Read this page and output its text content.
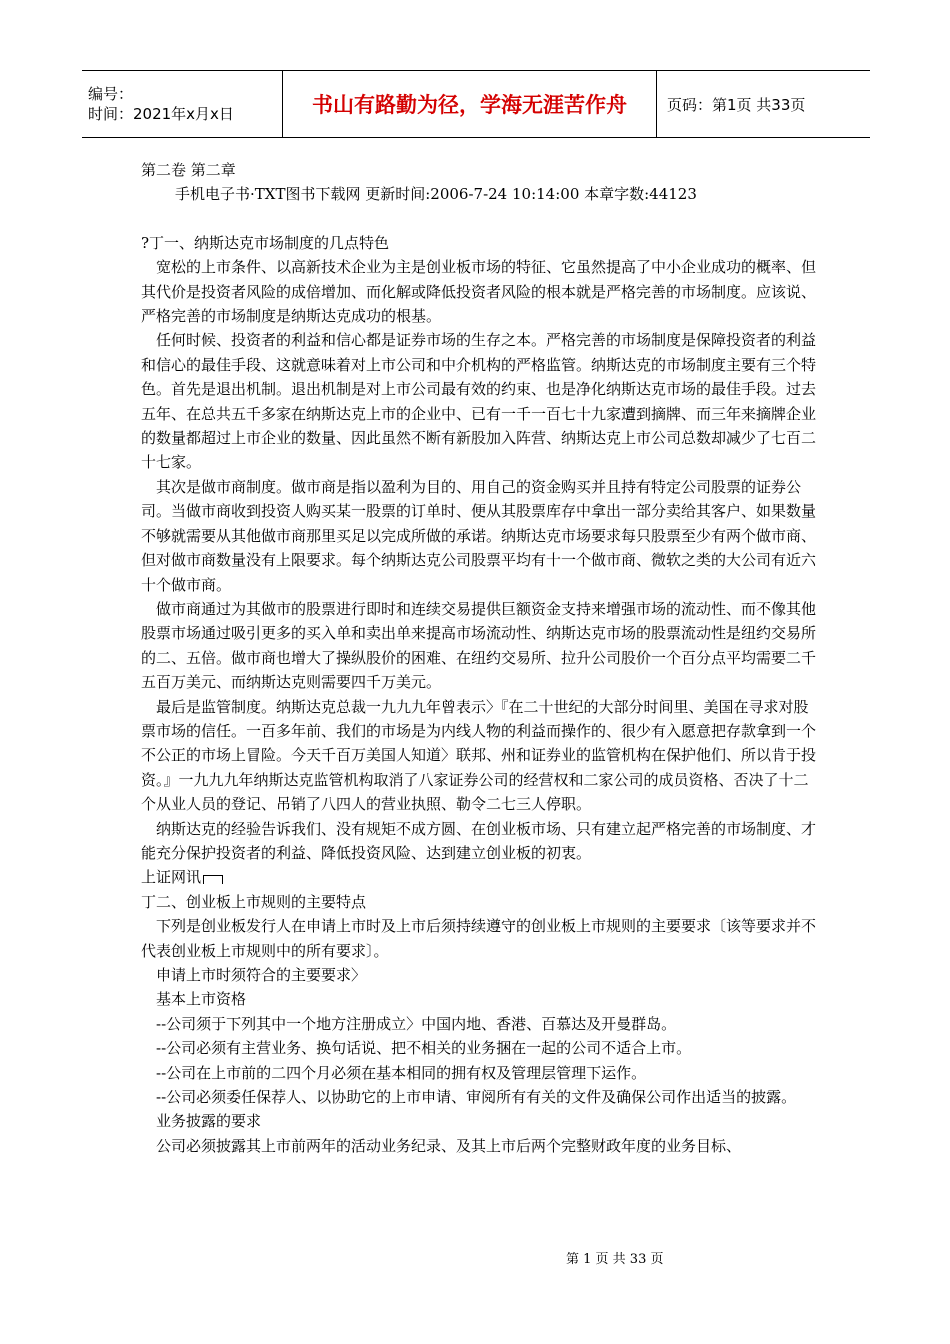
编号：
时间：2021年x月x日	书山有路勤为径，学海无涯苦作舟	页码：第1页 共33页

第二卷 第二章

手机电子书·TXT图书下载网 更新时间:2006-7-24 10:14:00 本章字数:44123

?丁一、纳斯达克市场制度的几点特色

宽松的上市条件、以高新技术企业为主是创业板市场的特征、它虽然提高了中小企业成功的概率、但其代价是投资者风险的成倍增加、而化解或降低投资者风险的根本就是严格完善的市场制度。应该说、严格完善的市场制度是纳斯达克成功的根基。

任何时候、投资者的利益和信心都是证券市场的生存之本。严格完善的市场制度是保障投资者的利益和信心的最佳手段、这就意味着对上市公司和中介机构的严格监管。纳斯达克的市场制度主要有三个特色。首先是退出机制。退出机制是对上市公司最有效的约束、也是净化纳斯达克市场的最佳手段。过去五年、在总共五千多家在纳斯达克上市的企业中、已有一千一百七十九家遭到摘牌、而三年来摘牌企业的数量都超过上市企业的数量、因此虽然不断有新股加入阵营、纳斯达克上市公司总数却减少了七百二十七家。

其次是做市商制度。做市商是指以盈利为目的、用自己的资金购买并且持有特定公司股票的证券公司。当做市商收到投资人购买某一股票的订单时、便从其股票库存中拿出一部分卖给其客户、如果数量不够就需要从其他做市商那里买足以完成所做的承诺。纳斯达克市场要求每只股票至少有两个做市商、但对做市商数量没有上限要求。每个纳斯达克公司股票平均有十一个做市商、微软之类的大公司有近六十个做市商。

做市商通过为其做市的股票进行即时和连续交易提供巨额资金支持来增强市场的流动性、而不像其他股票市场通过吸引更多的买入单和卖出单来提高市场流动性、纳斯达克市场的股票流动性是纽约交易所的二、五倍。做市商也增大了操纵股价的困难、在纽约交易所、拉升公司股价一个百分点平均需要二千五百万美元、而纳斯达克则需要四千万美元。

最后是监管制度。纳斯达克总裁一九九九年曾表示〉『在二十世纪的大部分时间里、美国在寻求对股票市场的信任。一百多年前、我们的市场是为内线人物的利益而操作的、很少有入愿意把存款拿到一个不公正的市场上冒险。今天千百万美国人知道〉联邦、州和证券业的监管机构在保护他们、所以肯于投资。』一九九九年纳斯达克监管机构取消了八家证券公司的经营权和二家公司的成员资格、否决了十二个从业人员的登记、吊销了八四人的营业执照、勒令二七三人停职。

纳斯达克的经验告诉我们、没有规矩不成方圆、在创业板市场、只有建立起严格完善的市场制度、才能充分保护投资者的利益、降低投资风险、达到建立创业板的初衷。

上证网讯

丁二、创业板上市规则的主要特点

下列是创业板发行人在申请上市时及上市后须持续遵守的创业板上市规则的主要要求〔该等要求并不代表创业板上市规则中的所有要求〕。

申请上市时须符合的主要要求〉

基本上市资格

--公司须于下列其中一个地方注册成立〉中国内地、香港、百慕达及开曼群岛。

--公司必须有主营业务、换句话说、把不相关的业务捆在一起的公司不适合上市。

--公司在上市前的二四个月必须在基本相同的拥有权及管理层管理下运作。

--公司必须委任保荐人、以协助它的上市申请、审阅所有有关的文件及确保公司作出适当的披露。

业务披露的要求

公司必须披露其上市前两年的活动业务纪录、及其上市后两个完整财政年度的业务目标、

第 1 页 共 33 页
